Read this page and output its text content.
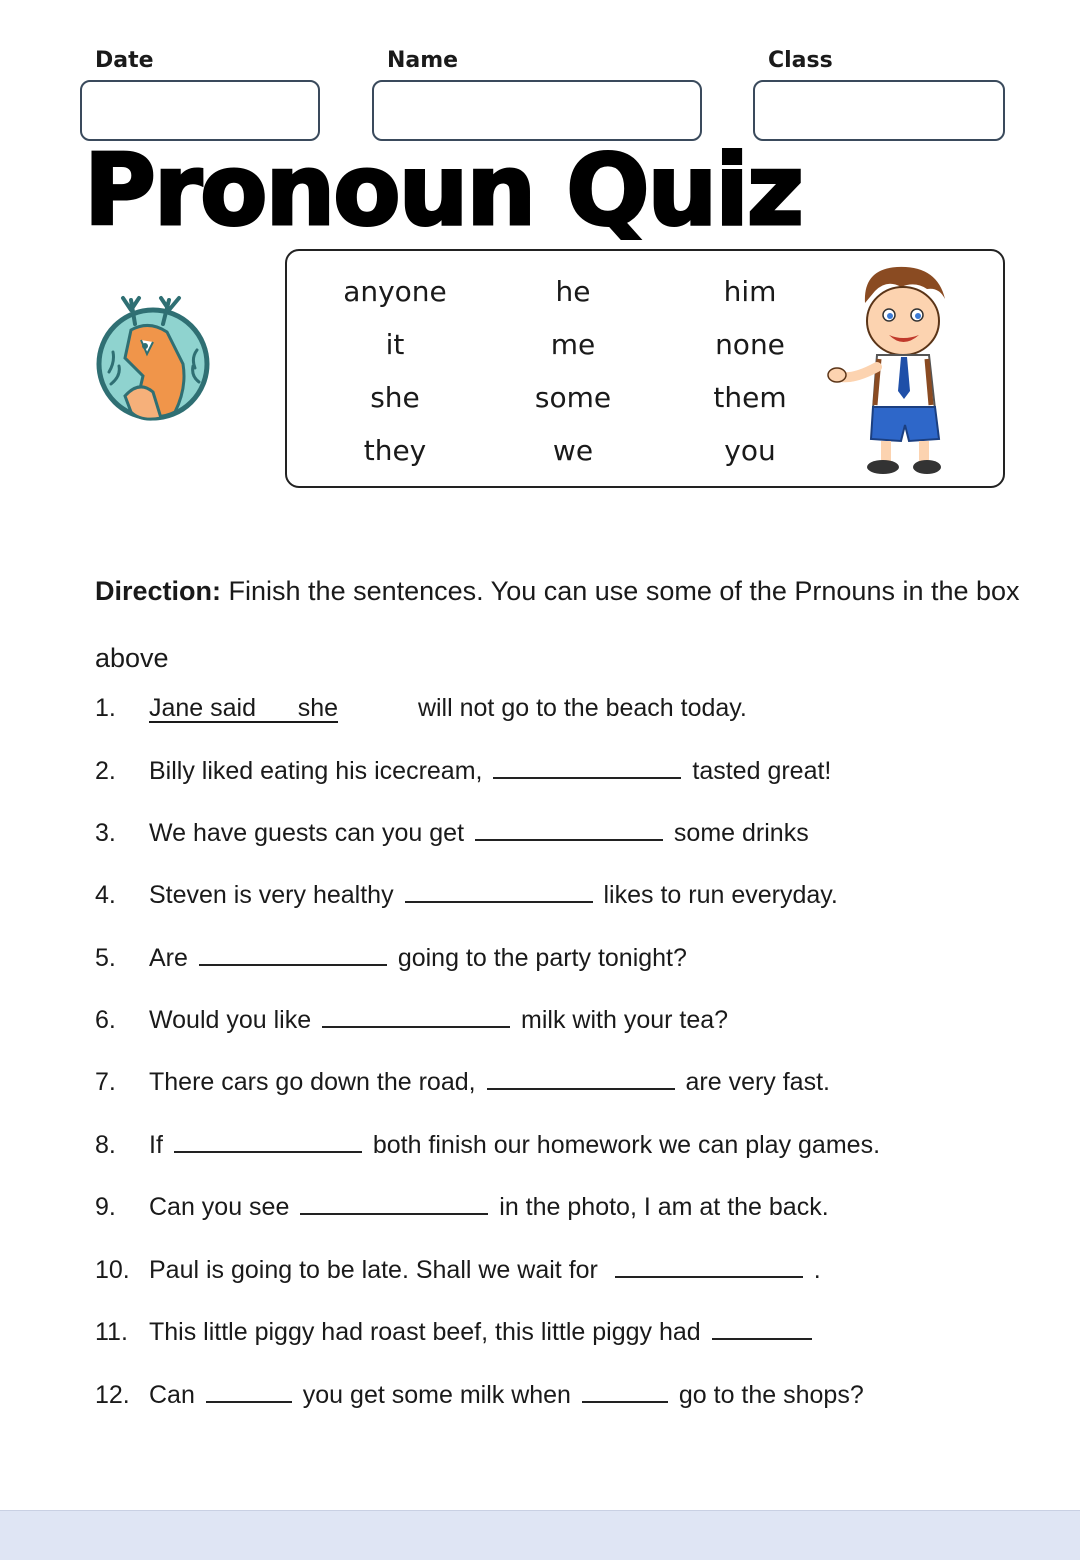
Date	Name	Class
Pronoun Quiz
anyone	he	him
it	me	none
she	some	them
they	we	you

Direction: Finish the sentences. You can use some of the Prnouns in the box above

1. Jane said      she	will not go to the beach today.
2. Billy liked eating his icecream,	tasted great!
3. We have guests can you get	some drinks
4. Steven is very healthy	likes to run everyday.
5. Are	going to the party tonight?
6. Would you like	milk with your tea?
7. There cars go down the road,	are very fast.
8. If	both finish our homework we can play games.
9. Can you see	in the photo, I am at the back.
10. Paul is going to be late. Shall we wait for	.
11. This little piggy had roast beef, this little piggy had
12. Can	you get some milk when	go to the shops?
